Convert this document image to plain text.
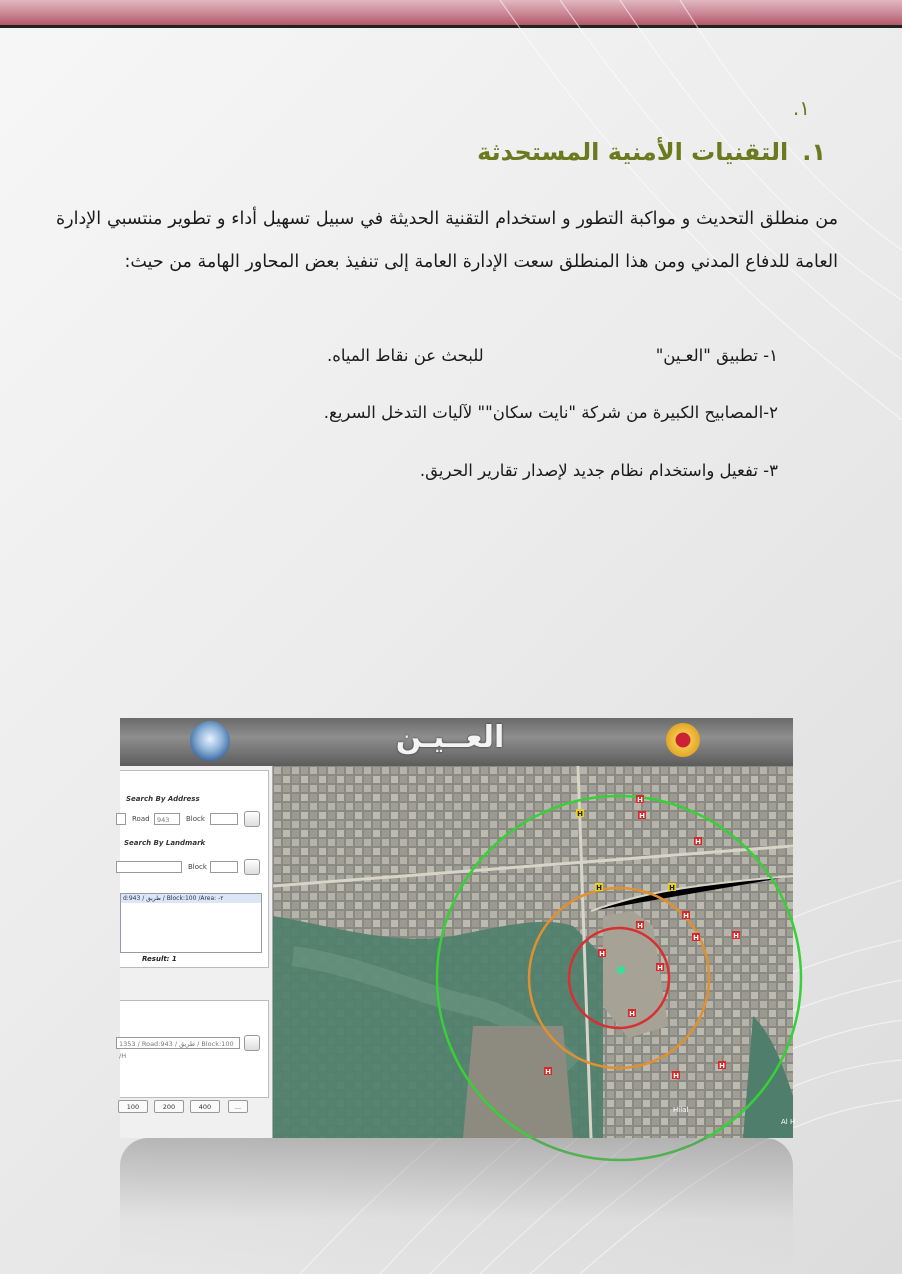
١.
١.التقنيات الأمنية المستحدثة
من منطلق التحديث و مواكبة التطور و استخدام التقنية الحديثة في سبيل تسهيل أداء و تطوير منتسبي الإدارة العامة للدفاع المدني ومن هذا المنطلق سعت الإدارة العامة إلى تنفيذ بعض المحاور الهامة من حيث:
١- تطبيق "العـين"للبحث عن نقاط المياه.
٢-المصابيح الكبيرة من شركة "نايت سكان"" لآليات التدخل السريع.
٣- تفعيل واستخدام نظام جديد لإصدار تقارير الحريق.
العــيـن
Search By Address
Road	943	Block
Search By Landmark
Block
d:943 / طريق / Block:100 /Area: -٢
Result: 1
1353 / Road:943 / طريق / Block:100 /H
100	200	400	...
H
H
H
H
H
H
H
H
H
H	H
H
H
H
H	H
Hilal
Al H
